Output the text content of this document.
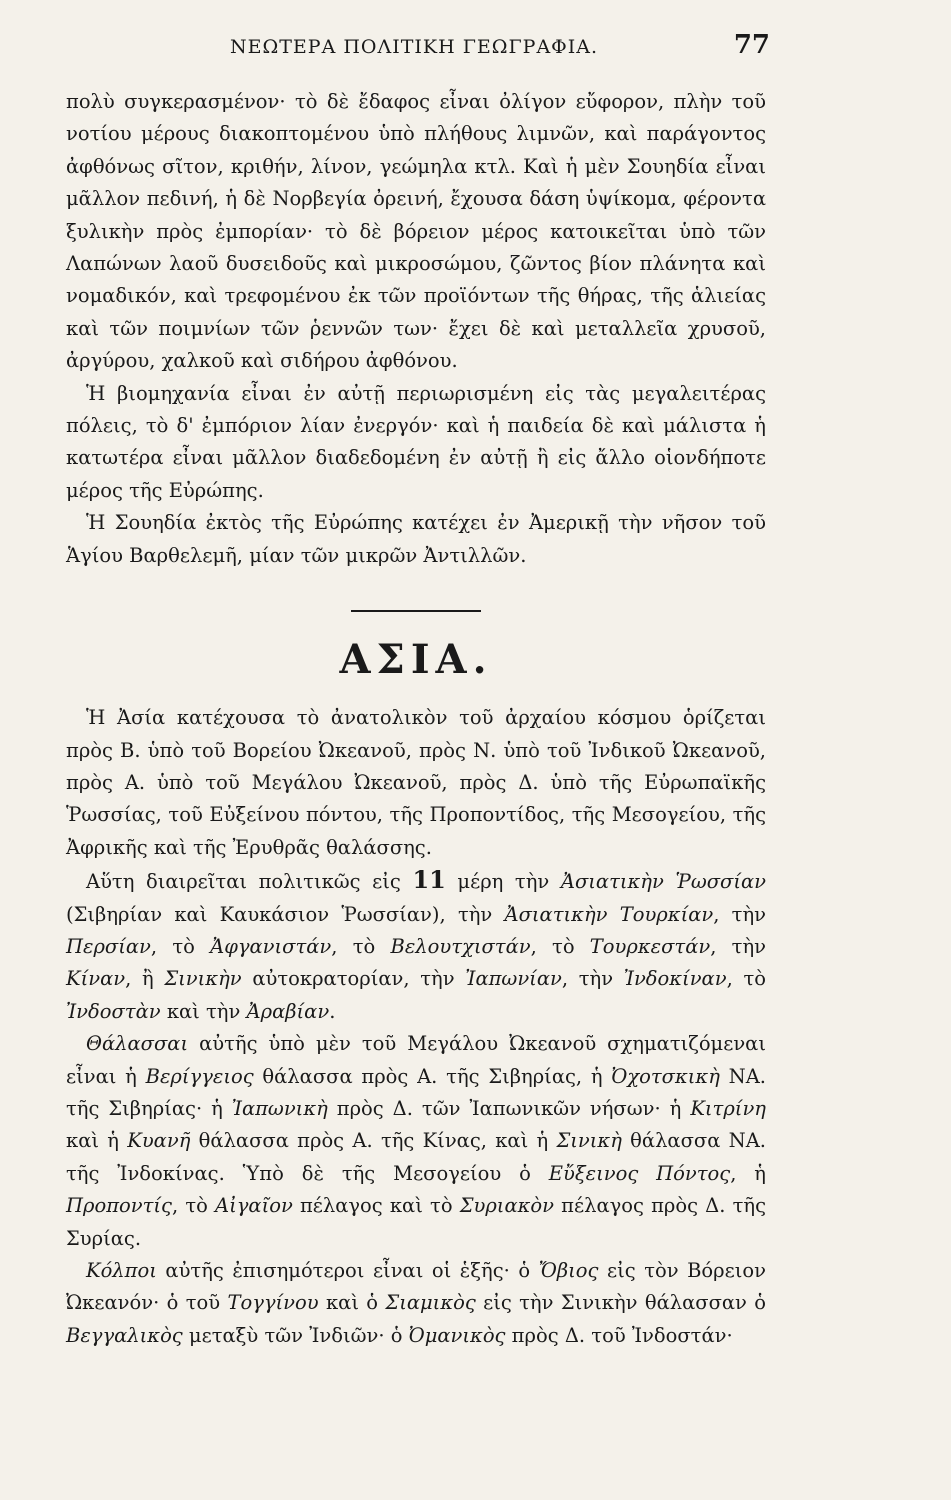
ΝΕΩΤΕΡΑ ΠΟΛΙΤΙΚΗ ΓΕΩΓΡΑΦΙΑ.	77

πολὺ συγκερασμένον· τὸ δὲ ἔδαφος εἶναι ὀλίγον εὔφορον, πλὴν τοῦ νοτίου μέρους διακοπτομένου ὑπὸ πλήθους λιμνῶν, καὶ παράγοντος ἀφθόνως σῖτον, κριθήν, λίνον, γεώμηλα κτλ. Καὶ ἡ μὲν Σουηδία εἶναι μᾶλλον πεδινή, ἡ δὲ Νορβεγία ὀρεινή, ἔχουσα δάση ὑψίκομα, φέροντα ξυλικὴν πρὸς ἐμπορίαν· τὸ δὲ βόρειον μέρος κατοικεῖται ὑπὸ τῶν Λαπώνων λαοῦ δυσειδοῦς καὶ μικροσώμου, ζῶντος βίον πλάνητα καὶ νομαδικόν, καὶ τρεφομένου ἐκ τῶν προϊόντων τῆς θήρας, τῆς ἁλιείας καὶ τῶν ποιμνίων τῶν ῥεννῶν των· ἔχει δὲ καὶ μεταλλεῖα χρυσοῦ, ἀργύρου, χαλκοῦ καὶ σιδήρου ἀφθόνου.

Ἡ βιομηχανία εἶναι ἐν αὐτῇ περιωρισμένη εἰς τὰς μεγαλειτέρας πόλεις, τὸ δ' ἐμπόριον λίαν ἐνεργόν· καὶ ἡ παιδεία δὲ καὶ μάλιστα ἡ κατωτέρα εἶναι μᾶλλον διαδεδομένη ἐν αὐτῇ ἢ εἰς ἄλλο οἱονδήποτε μέρος τῆς Εὐρώπης.

Ἡ Σουηδία ἐκτὸς τῆς Εὐρώπης κατέχει ἐν Ἀμερικῇ τὴν νῆσον τοῦ Ἁγίου Βαρθελεμῆ, μίαν τῶν μικρῶν Ἀντιλλῶν.

ΑΣΙΑ.

Ἡ Ἀσία κατέχουσα τὸ ἀνατολικὸν τοῦ ἀρχαίου κόσμου ὁρίζεται πρὸς Β. ὑπὸ τοῦ Βορείου Ὠκεανοῦ, πρὸς Ν. ὑπὸ τοῦ Ἰνδικοῦ Ὠκεανοῦ, πρὸς Α. ὑπὸ τοῦ Μεγάλου Ὠκεανοῦ, πρὸς Δ. ὑπὸ τῆς Εὐρωπαϊκῆς Ῥωσσίας, τοῦ Εὐξείνου πόντου, τῆς Προποντίδος, τῆς Μεσογείου, τῆς Ἀφρικῆς καὶ τῆς Ἐρυθρᾶς θαλάσσης.

Αὕτη διαιρεῖται πολιτικῶς εἰς 11 μέρη τὴν Ἀσιατικὴν Ῥωσσίαν (Σιβηρίαν καὶ Καυκάσιον Ῥωσσίαν), τὴν Ἀσιατικὴν Τουρκίαν, τὴν Περσίαν, τὸ Ἀφγανιστάν, τὸ Βελουτχιστάν, τὸ Τουρκεστάν, τὴν Κίναν, ἢ Σινικὴν αὐτοκρατορίαν, τὴν Ἰαπωνίαν, τὴν Ἰνδοκίναν, τὸ Ἰνδοστὰν καὶ τὴν Ἀραβίαν.

Θάλασσαι αὐτῆς ὑπὸ μὲν τοῦ Μεγάλου Ὠκεανοῦ σχηματιζόμεναι εἶναι ἡ Βερίγγειος θάλασσα πρὸς Α. τῆς Σιβηρίας, ἡ Ὀχοτσκικὴ ΝΑ. τῆς Σιβηρίας· ἡ Ἰαπωνικὴ πρὸς Δ. τῶν Ἰαπωνικῶν νήσων· ἡ Κιτρίνη καὶ ἡ Κυανῆ θάλασσα πρὸς Α. τῆς Κίνας, καὶ ἡ Σινικὴ θάλασσα ΝΑ. τῆς Ἰνδοκίνας. Ὑπὸ δὲ τῆς Μεσογείου ὁ Εὔξεινος Πόντος, ἡ Προποντίς, τὸ Αἰγαῖον πέλαγος καὶ τὸ Συριακὸν πέλαγος πρὸς Δ. τῆς Συρίας.

Κόλποι αὐτῆς ἐπισημότεροι εἶναι οἱ ἑξῆς· ὁ Ὄβιος εἰς τὸν Βόρειον Ὠκεανόν· ὁ τοῦ Τογγίνου καὶ ὁ Σιαμικὸς εἰς τὴν Σινικὴν θάλασσαν ὁ Βεγγαλικὸς μεταξὺ τῶν Ἰνδιῶν· ὁ Ὀμανικὸς πρὸς Δ. τοῦ Ἰνδοστάν·
